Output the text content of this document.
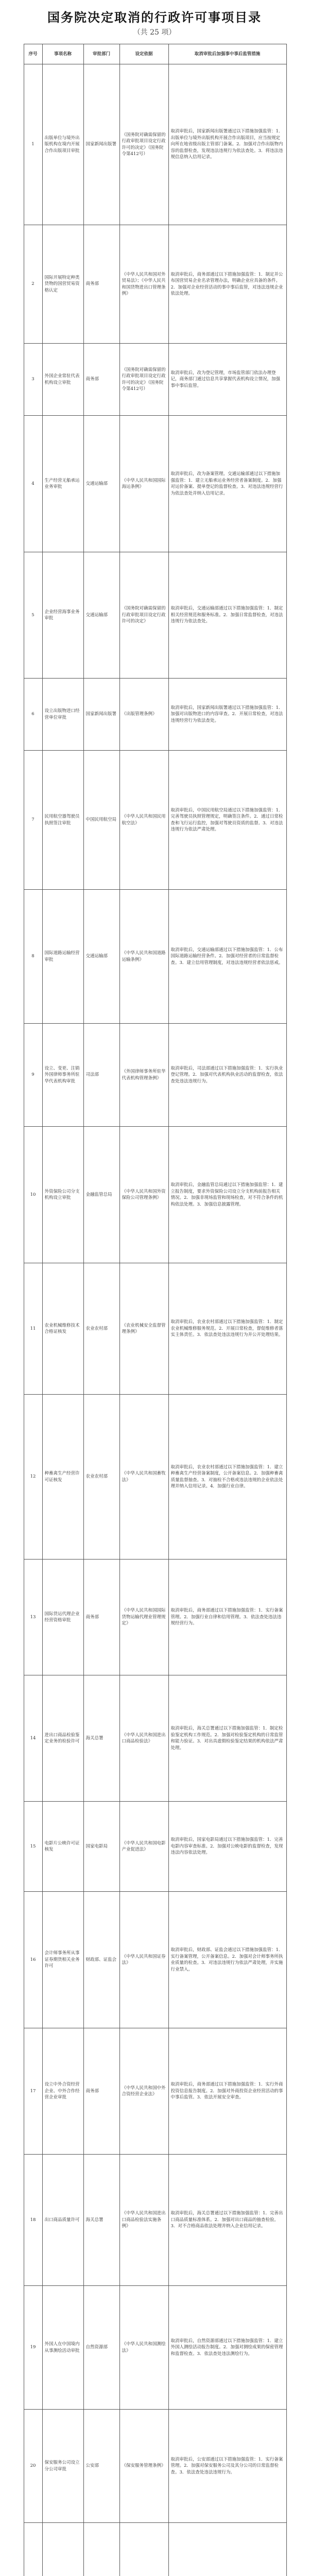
国务院决定取消的行政许可事项目录
（共 25 项）
序号	事项名称	审批部门	设定依据	取消审批后加强事中事后监管措施
1	出版单位与境外出版机构在境内开展合作出版项目审批	国家新闻出版署	《国务院对确需保留的行政审批项目设定行政许可的决定》（国务院令第412号）	取消审批后，国家新闻出版署通过以下措施加强监管：1．出版单位与境外出版机构开展合作出版项目，应当按规定向所在地省级出版主管部门备案。2．加强对合作出版物内容的监督检查，发现违法违规行为依法查处。3．将违法违规信息纳入信用记录。
2	国际开展特定种类货物的国营贸易资格认定	商务部	《中华人民共和国对外贸易法》；《中华人民共和国货物进出口管理条例》	取消审批后，商务部通过以下措施加强监管：1．制定并公布国营贸易企业名录管理办法，明确企业应具备的条件。2．加强对企业经营活动的事中事后监管，对违法违规企业依法处理。
3	外国企业常驻代表机构设立审批	商务部	《国务院对确需保留的行政审批项目设定行政许可的决定》（国务院令第412号）	取消审批后，改为登记管理，市场监管部门依法办理登记，商务部门通过信息共享掌握代表机构设立情况，加强事中事后监管。
4	生产经营无船承运业务审批	交通运输部	《中华人民共和国国际海运条例》	取消审批后，改为备案管理。交通运输部通过以下措施加强监管：1．建立无船承运业务经营者备案制度。2．加强对运价备案、提单登记的监督检查。3．对违法违规经营行为依法查处并纳入信用记录。
5	企业经营海事业务审批	交通运输部	《国务院对确需保留的行政审批项目设定行政许可的决定》	取消审批后，交通运输部通过以下措施加强监管：1．制定相关经营规范和服务标准。2．加强日常监督检查，对违法违规行为依法查处。
6	设立出版物进口经营单位审批	国家新闻出版署	《出版管理条例》	取消审批后，国家新闻出版署通过以下措施加强监管：1．加强对出版物进口的内容审查。2．开展日常检查，对违法违规经营行为依法查处。
7	民用航空器驾驶员执照签注审批	中国民用航空局	《中华人民共和国民用航空法》	取消审批后，中国民用航空局通过以下措施加强监管：1．完善驾驶员执照管理规定，明确签注条件。2．通过日常检查和飞行运行监控，加强对驾驶员资质的监督。3．对违法违规行为依法严肃处理。
8	国际道路运输经营审批	交通运输部	《中华人民共和国道路运输条例》	取消审批后，交通运输部通过以下措施加强监管：1．公布国际道路运输经营条件。2．加强对经营者的日常监督检查。3．建立信用管理制度，对违法违规经营者依法惩戒。
9	设立、变更、注销外国律师事务所驻华代表机构审批	司法部	《外国律师事务所驻华代表机构管理条例》	取消审批后，司法部通过以下措施加强监管：1．实行执业登记管理。2．加强对代表机构执业活动的监督检查，依法查处违法违规行为。
10	外资保险公司分支机构设立审批	金融监管总局	《中华人民共和国外资保险公司管理条例》	取消审批后，金融监管总局通过以下措施加强监管：1．建立报告制度，要求外资保险公司设立分支机构前报告相关情况。2．加强非现场监管和现场检查，对不符合条件的机构依法处理。3．加强信息披露管理。
11	农业机械维修技术合格证核发	农业农村部	《农业机械安全监督管理条例》	取消审批后，农业农村部通过以下措施加强监管：1．制定农业机械维修服务规范。2．开展日常检查，督促维修者落实主体责任。3．依法查处违法违规行为并公开处理结果。
12	种畜禽生产经营许可证核发	农业农村部	《中华人民共和国畜牧法》	取消审批后，农业农村部通过以下措施加强监管：1．建立种畜禽生产经营备案制度，公开备案信息。2．加强种畜禽质量监督抽查。3．对抽检不合格或违法违规的企业依法处理并纳入信用记录。4．加强行业自律。
13	国际货运代理企业经营资格审批	商务部	《中华人民共和国国际货物运输代理业管理规定》	取消审批后，商务部通过以下措施加强监管：1．实行备案管理。2．加强行业自律和信用管理。3．依法查处违法违规经营行为。
14	进出口商品检验鉴定业务的检验许可	海关总署	《中华人民共和国进出口商品检验法》	取消审批后，海关总署通过以下措施加强监管：1．制定检验鉴定机构工作规范。2．加强对检验鉴定机构的日常监管和能力验证。3．对出具虚假检验鉴定结果的机构依法严肃处理。
15	电影片公映许可证核发	国家电影局	《中华人民共和国电影产业促进法》	取消审批后，国家电影局通过以下措施加强监管：1．完善电影内容审查标准。2．加强对公映电影的监督检查，发现违法内容依法处理。
16	会计师事务所从事证券期货相关业务许可	财政部、证监会	《中华人民共和国证券法》	取消审批后，财政部、证监会通过以下措施加强监管：1．实行备案管理，公开备案信息。2．加强对会计师事务所执业质量的检查。3．对违法违规行为依法严肃处理，并实施行业禁入。
17	设立中外合资经营企业、中外合作经营企业审批	商务部	《中华人民共和国中外合资经营企业法》	取消审批后，商务部通过以下措施加强监管：1．实行外商投资信息报告制度。2．加强对外商投资企业经营活动的事中事后监管。3．依法开展安全审查。
18	出口商品质量许可	海关总署	《中华人民共和国进出口商品检验法实施条例》	取消审批后，海关总署通过以下措施加强监管：1．完善出口商品质量标准体系。2．加强对出口商品的抽查检验。3．对不合格商品依法处理并纳入企业信用记录。
19	外国人在中国境内从事测绘活动审批	自然资源部	《中华人民共和国测绘法》	取消审批后，自然资源部通过以下措施加强监管：1．建立外国人测绘活动报告制度。2．加强对测绘成果的保密管理和监督检查。3．依法查处违法测绘行为。
20	保安服务公司设立分公司审批	公安部	《保安服务管理条例》	取消审批后，公安部通过以下措施加强监管：1．实行备案管理。2．加强对保安服务公司及其分公司的日常监督检查。3．依法查处违法违规行为。
